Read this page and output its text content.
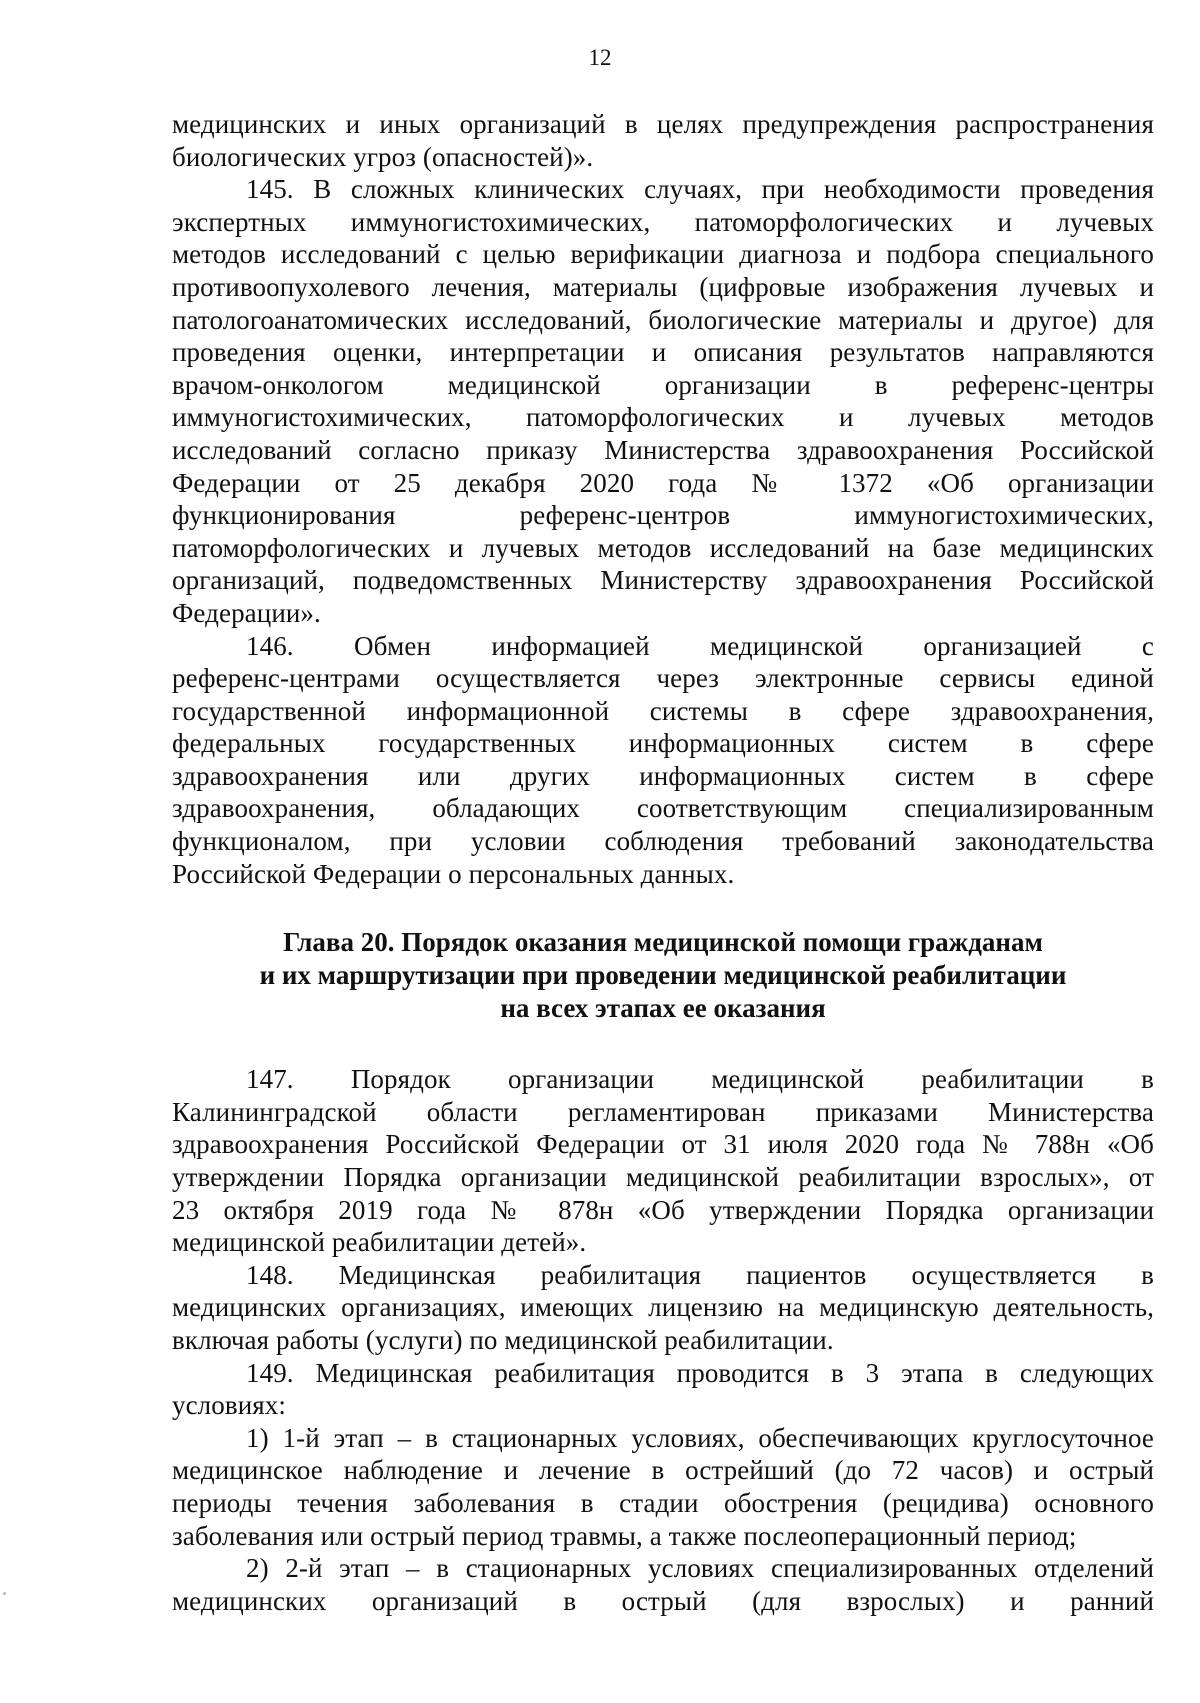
12

медицинских и иных организаций в целях предупреждения распространения
биологических угроз (опасностей)».

145. В сложных клинических случаях, при необходимости проведения
экспертных иммуногистохимических, патоморфологических и лучевых
методов исследований с целью верификации диагноза и подбора специального
противоопухолевого лечения, материалы (цифровые изображения лучевых и
патологоанатомических исследований, биологические материалы и другое) для
проведения оценки, интерпретации и описания результатов направляются
врачом-онкологом медицинской организации в референс-центры
иммуногистохимических, патоморфологических и лучевых методов
исследований согласно приказу Министерства здравоохранения Российской
Федерации от 25 декабря 2020 года № 1372 «Об организации
функционирования референс-центров иммуногистохимических,
патоморфологических и лучевых методов исследований на базе медицинских
организаций, подведомственных Министерству здравоохранения Российской
Федерации».

146. Обмен информацией медицинской организацией с
референс-центрами осуществляется через электронные сервисы единой
государственной информационной системы в сфере здравоохранения,
федеральных государственных информационных систем в сфере
здравоохранения или других информационных систем в сфере
здравоохранения, обладающих соответствующим специализированным
функционалом, при условии соблюдения требований законодательства
Российской Федерации о персональных данных.

Глава 20. Порядок оказания медицинской помощи гражданам
и их маршрутизации при проведении медицинской реабилитации
на всех этапах ее оказания

147. Порядок организации медицинской реабилитации в
Калининградской области регламентирован приказами Министерства
здравоохранения Российской Федерации от 31 июля 2020 года № 788н «Об
утверждении Порядка организации медицинской реабилитации взрослых», от
23 октября 2019 года № 878н «Об утверждении Порядка организации
медицинской реабилитации детей».

148. Медицинская реабилитация пациентов осуществляется в
медицинских организациях, имеющих лицензию на медицинскую деятельность,
включая работы (услуги) по медицинской реабилитации.

149. Медицинская реабилитация проводится в 3 этапа в следующих
условиях:

1) 1-й этап – в стационарных условиях, обеспечивающих круглосуточное
медицинское наблюдение и лечение в острейший (до 72 часов) и острый
периоды течения заболевания в стадии обострения (рецидива) основного
заболевания или острый период травмы, а также послеоперационный период;

2) 2-й этап – в стационарных условиях специализированных отделений
медицинских организаций в острый (для взрослых) и ранний
